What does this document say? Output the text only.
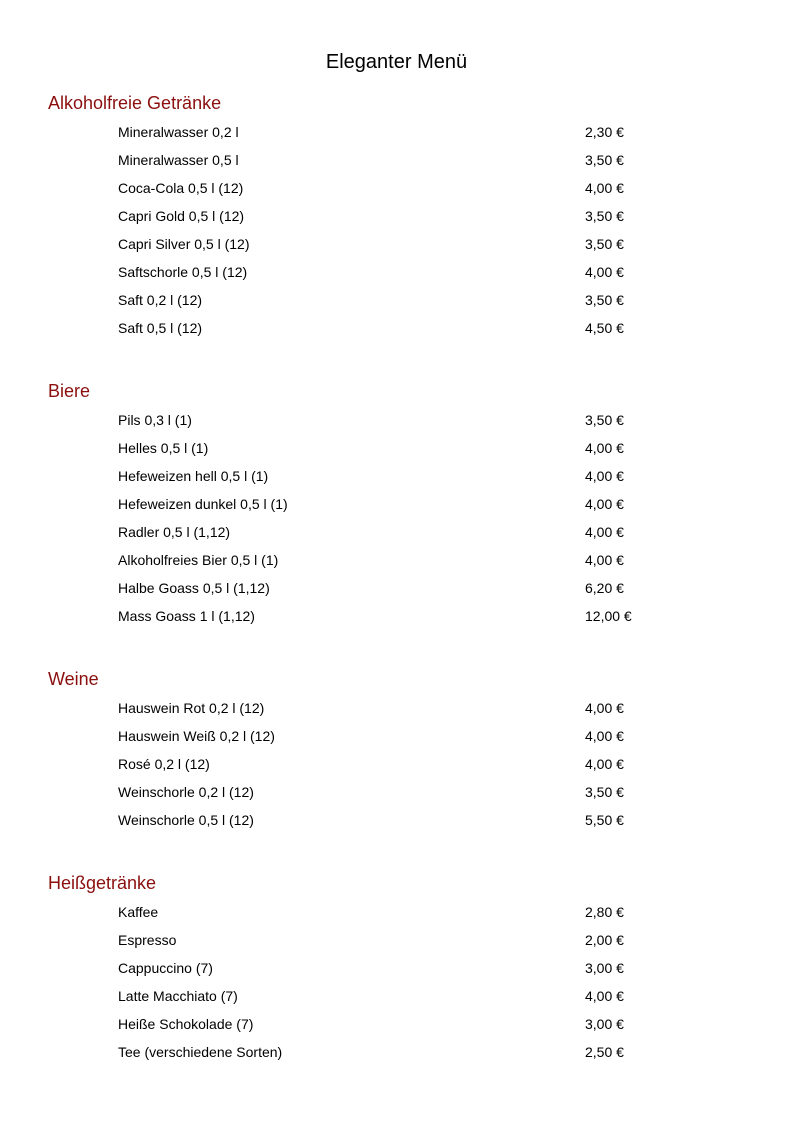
Eleganter Menü
Alkoholfreie Getränke
Mineralwasser 0,2 l	2,30 €
Mineralwasser 0,5 l	3,50 €
Coca-Cola 0,5 l (12)	4,00 €
Capri Gold 0,5 l (12)	3,50 €
Capri Silver 0,5 l (12)	3,50 €
Saftschorle 0,5 l (12)	4,00 €
Saft 0,2 l (12)	3,50 €
Saft 0,5 l (12)	4,50 €
Biere
Pils 0,3 l (1)	3,50 €
Helles 0,5 l (1)	4,00 €
Hefeweizen hell 0,5 l (1)	4,00 €
Hefeweizen dunkel 0,5 l (1)	4,00 €
Radler 0,5 l (1,12)	4,00 €
Alkoholfreies Bier 0,5 l (1)	4,00 €
Halbe Goass 0,5 l (1,12)	6,20 €
Mass Goass 1 l (1,12)	12,00 €
Weine
Hauswein Rot 0,2 l (12)	4,00 €
Hauswein Weiß 0,2 l (12)	4,00 €
Rosé 0,2 l (12)	4,00 €
Weinschorle 0,2 l (12)	3,50 €
Weinschorle 0,5 l (12)	5,50 €
Heißgetränke
Kaffee	2,80 €
Espresso	2,00 €
Cappuccino (7)	3,00 €
Latte Macchiato (7)	4,00 €
Heiße Schokolade (7)	3,00 €
Tee (verschiedene Sorten)	2,50 €
